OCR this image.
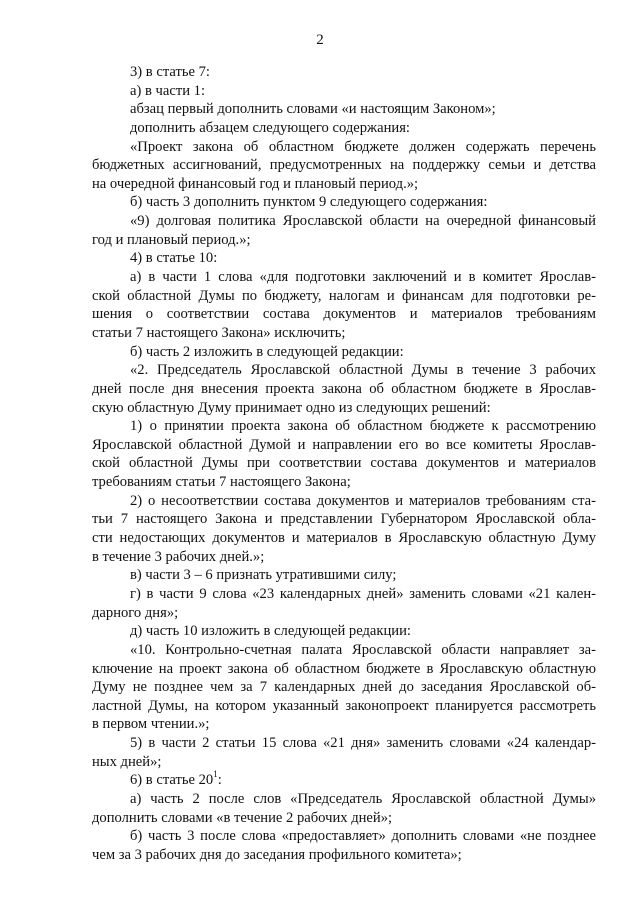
2
3) в статье 7:
а) в части 1:
абзац первый дополнить словами «и настоящим Законом»;
дополнить абзацем следующего содержания:
«Проект закона об областном бюджете должен содержать перечень
бюджетных ассигнований, предусмотренных на поддержку семьи и детства
на очередной финансовый год и плановый период.»;
б) часть 3 дополнить пунктом 9 следующего содержания:
«9) долговая политика Ярославской области на очередной финансовый
год и плановый период.»;
4) в статье 10:
а) в части 1 слова «для подготовки заключений и в комитет Ярослав-
ской областной Думы по бюджету, налогам и финансам для подготовки ре-
шения о соответствии состава документов и материалов требованиям
статьи 7 настоящего Закона» исключить;
б) часть 2 изложить в следующей редакции:
«2. Председатель Ярославской областной Думы в течение 3 рабочих
дней после дня внесения проекта закона об областном бюджете в Ярослав-
скую областную Думу принимает одно из следующих решений:
1) о принятии проекта закона об областном бюджете к рассмотрению
Ярославской областной Думой и направлении его во все комитеты Ярослав-
ской областной Думы при соответствии состава документов и материалов
требованиям статьи 7 настоящего Закона;
2) о несоответствии состава документов и материалов требованиям ста-
тьи 7 настоящего Закона и представлении Губернатором Ярославской обла-
сти недостающих документов и материалов в Ярославскую областную Думу
в течение 3 рабочих дней.»;
в) части 3 – 6 признать утратившими силу;
г) в части 9 слова «23 календарных дней» заменить словами «21 кален-
дарного дня»;
д) часть 10 изложить в следующей редакции:
«10. Контрольно-счетная палата Ярославской области направляет за-
ключение на проект закона об областном бюджете в Ярославскую областную
Думу не позднее чем за 7 календарных дней до заседания Ярославской об-
ластной Думы, на котором указанный законопроект планируется рассмотреть
в первом чтении.»;
5) в части 2 статьи 15 слова «21 дня» заменить словами «24 календар-
ных дней»;
6) в статье $20^1$:
а) часть 2 после слов «Председатель Ярославской областной Думы»
дополнить словами «в течение 2 рабочих дней»;
б) часть 3 после слова «предоставляет» дополнить словами «не позднее
чем за 3 рабочих дня до заседания профильного комитета»;
